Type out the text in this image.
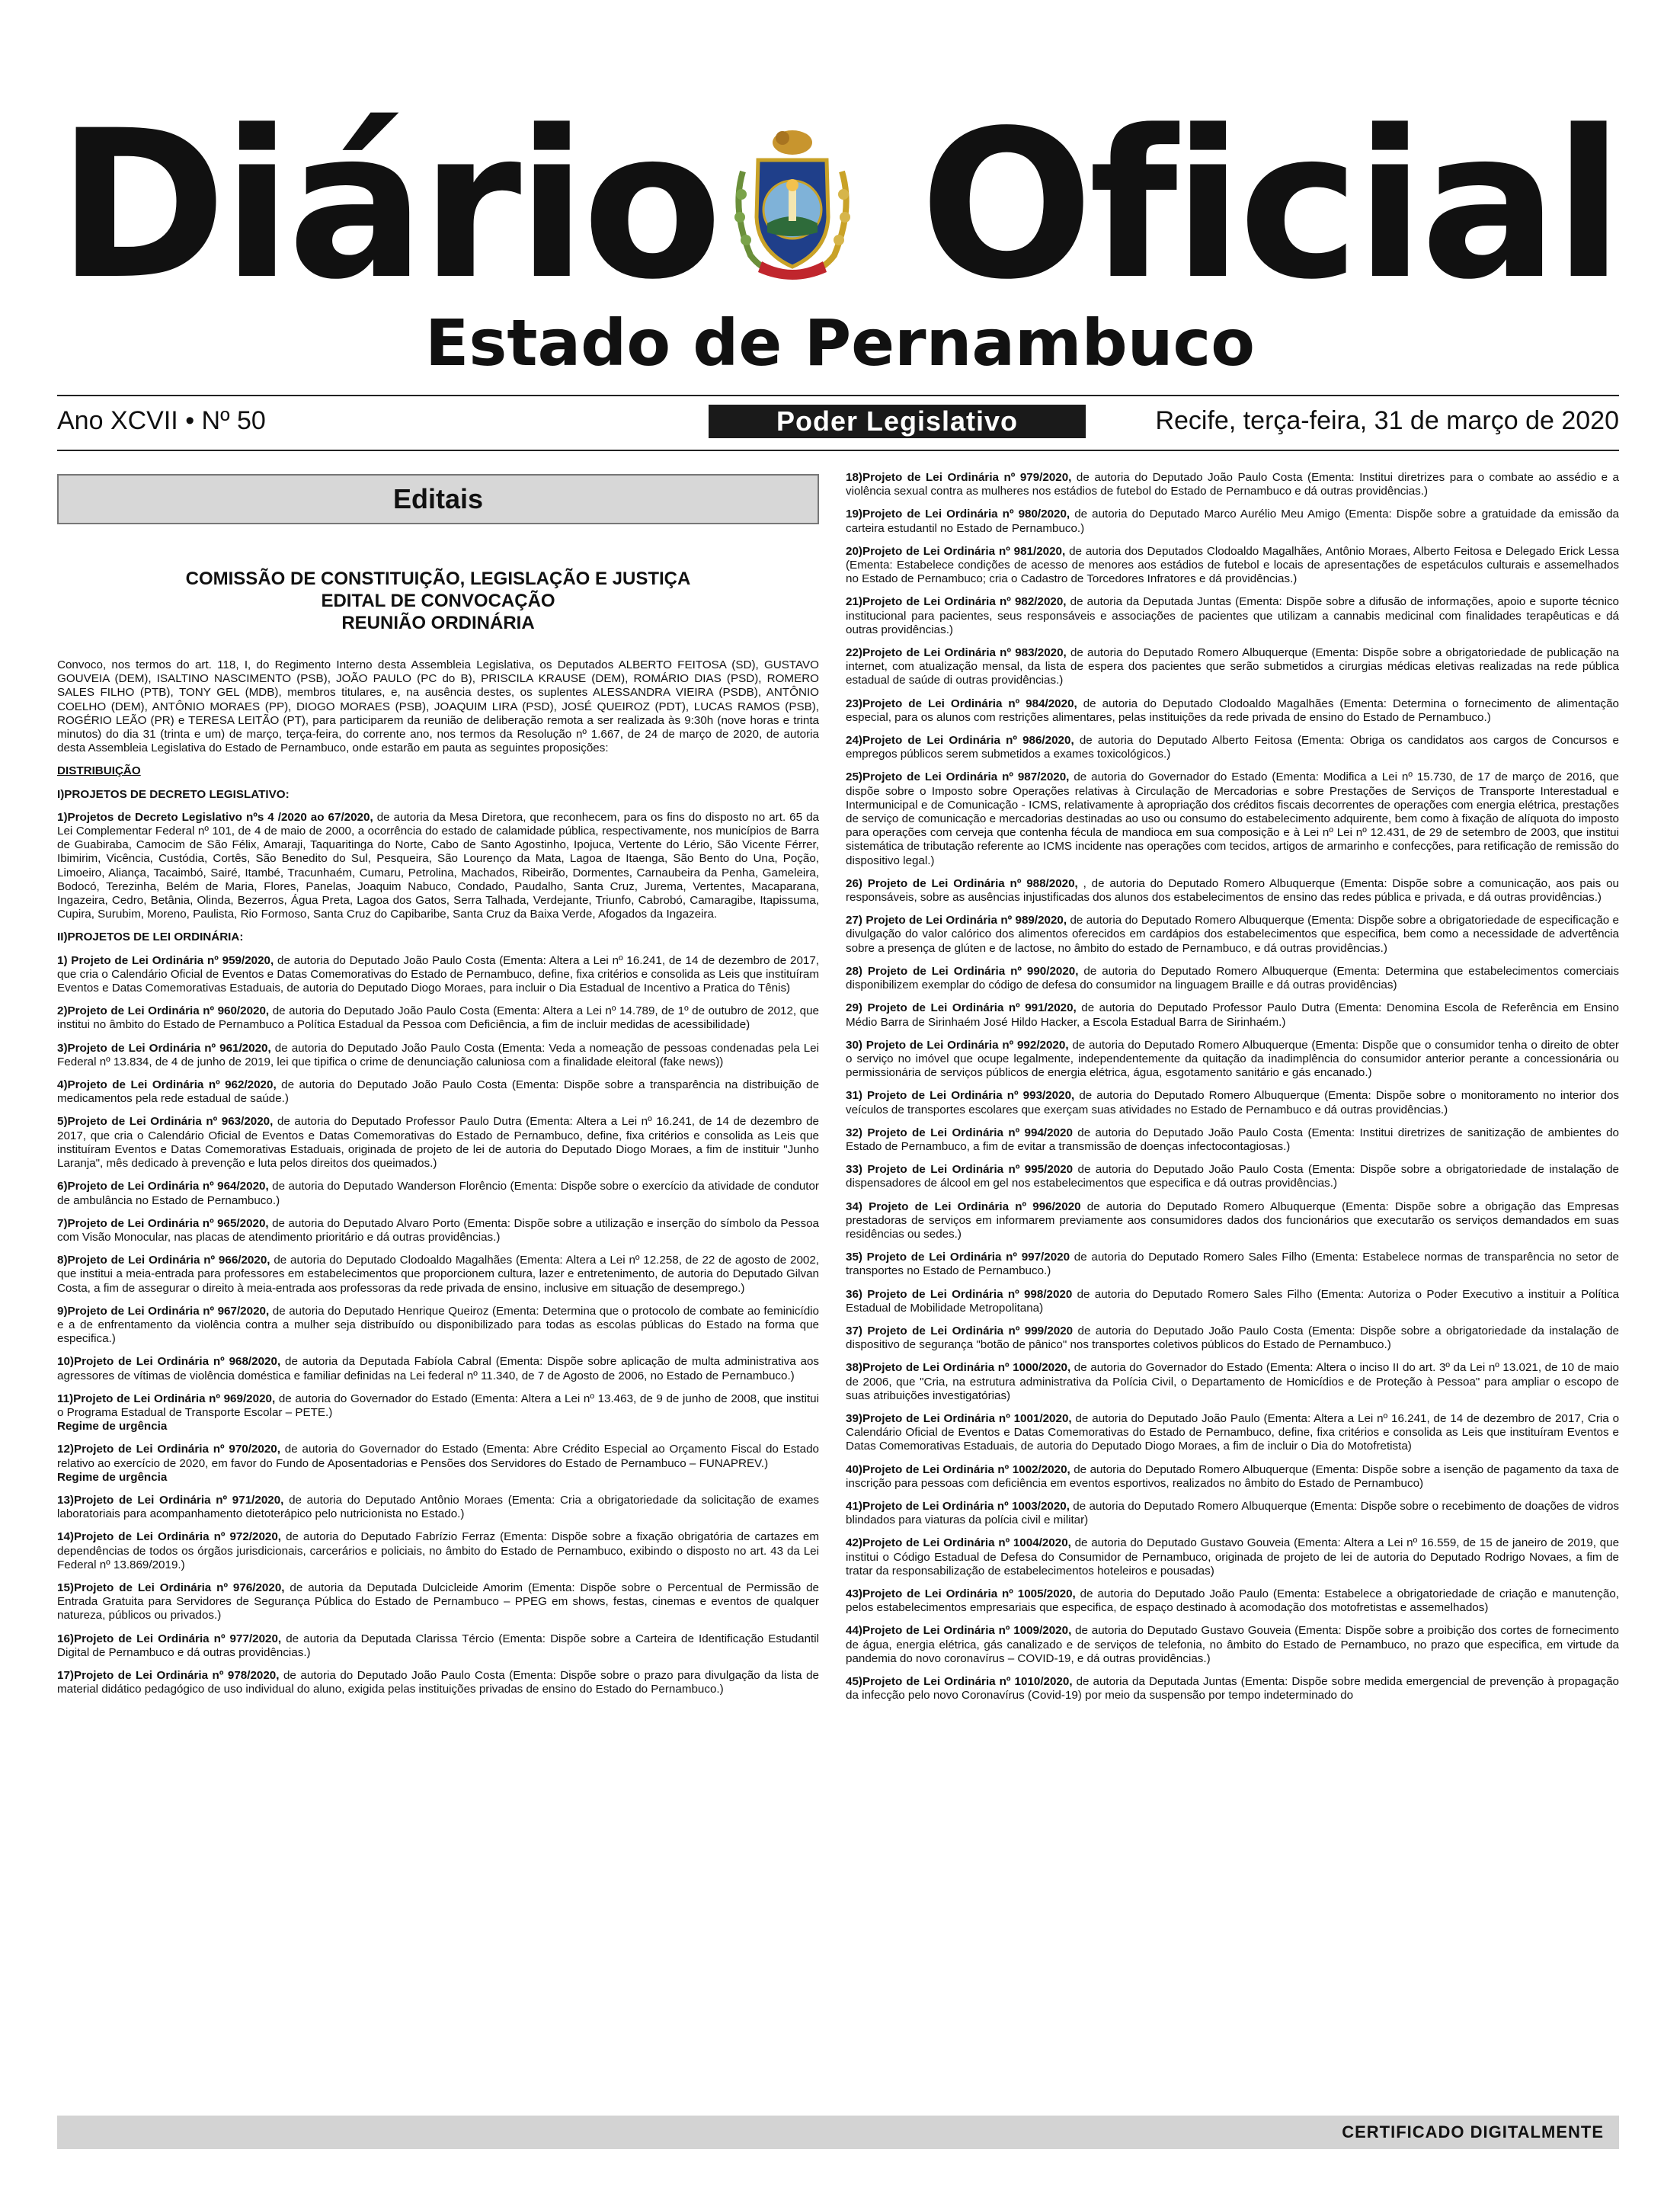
Diário Oficial
Estado de Pernambuco
Ano XCVII • Nº 50	Poder Legislativo	Recife, terça-feira, 31 de março de 2020
Editais
COMISSÃO DE CONSTITUIÇÃO, LEGISLAÇÃO E JUSTIÇA
EDITAL DE CONVOCAÇÃO
REUNIÃO ORDINÁRIA

Convoco, nos termos do art. 118, I, do Regimento Interno desta Assembleia Legislativa, os Deputados ALBERTO FEITOSA (SD), GUSTAVO GOUVEIA (DEM), ISALTINO NASCIMENTO (PSB), JOÃO PAULO (PC do B), PRISCILA KRAUSE (DEM), ROMÁRIO DIAS (PSD), ROMERO SALES FILHO (PTB), TONY GEL (MDB), membros titulares, e, na ausência destes, os suplentes ALESSANDRA VIEIRA (PSDB), ANTÔNIO COELHO (DEM), ANTÔNIO MORAES (PP), DIOGO MORAES (PSB), JOAQUIM LIRA (PSD), JOSÉ QUEIROZ (PDT), LUCAS RAMOS (PSB), ROGÉRIO LEÃO (PR) e TERESA LEITÃO (PT), para participarem da reunião de deliberação remota a ser realizada às 9:30h (nove horas e trinta minutos) do dia 31 (trinta e um) de março, terça-feira, do corrente ano, nos termos da Resolução nº 1.667, de 24 de março de 2020, de autoria desta Assembleia Legislativa do Estado de Pernambuco, onde estarão em pauta as seguintes proposições:

DISTRIBUIÇÃO

I)PROJETOS DE DECRETO LEGISLATIVO:

1)Projetos de Decreto Legislativo nºs 4 /2020 ao 67/2020, de autoria da Mesa Diretora, que reconhecem, para os fins do disposto no art. 65 da Lei Complementar Federal nº 101, de 4 de maio de 2000, a ocorrência do estado de calamidade pública, respectivamente, nos municípios de Barra de Guabiraba, Camocim de São Félix, Amaraji, Taquaritinga do Norte, Cabo de Santo Agostinho, Ipojuca, Vertente do Lério, São Vicente Férrer, Ibimirim, Vicência, Custódia, Cortês, São Benedito do Sul, Pesqueira, São Lourenço da Mata, Lagoa de Itaenga, São Bento do Una, Poção, Limoeiro, Aliança, Tacaimbó, Sairé, Itambé, Tracunhaém, Cumaru, Petrolina, Machados, Ribeirão, Dormentes, Carnaubeira da Penha, Gameleira, Bodocó, Terezinha, Belém de Maria, Flores, Panelas, Joaquim Nabuco, Condado, Paudalho, Santa Cruz, Jurema, Vertentes, Macaparana, Ingazeira, Cedro, Betânia, Olinda, Bezerros, Água Preta, Lagoa dos Gatos, Serra Talhada, Verdejante, Triunfo, Cabrobó, Camaragibe, Itapissuma, Cupira, Surubim, Moreno, Paulista, Rio Formoso, Santa Cruz do Capibaribe, Santa Cruz da Baixa Verde, Afogados da Ingazeira.

II)PROJETOS DE LEI ORDINÁRIA:

1) Projeto de Lei Ordinária nº 959/2020, de autoria do Deputado João Paulo Costa (Ementa: Altera a Lei nº 16.241, de 14 de dezembro de 2017, que cria o Calendário Oficial de Eventos e Datas Comemorativas do Estado de Pernambuco, define, fixa critérios e consolida as Leis que instituíram Eventos e Datas Comemorativas Estaduais, de autoria do Deputado Diogo Moraes, para incluir o Dia Estadual de Incentivo a Pratica do Tênis)

2)Projeto de Lei Ordinária nº 960/2020, de autoria do Deputado João Paulo Costa (Ementa: Altera a Lei nº 14.789, de 1º de outubro de 2012, que institui no âmbito do Estado de Pernambuco a Política Estadual da Pessoa com Deficiência, a fim de incluir medidas de acessibilidade)

3)Projeto de Lei Ordinária nº 961/2020, de autoria do Deputado João Paulo Costa (Ementa: Veda a nomeação de pessoas condenadas pela Lei Federal nº 13.834, de 4 de junho de 2019, lei que tipifica o crime de denunciação caluniosa com a finalidade eleitoral (fake news))

4)Projeto de Lei Ordinária nº 962/2020, de autoria do Deputado João Paulo Costa (Ementa: Dispõe sobre a transparência na distribuição de medicamentos pela rede estadual de saúde.)

5)Projeto de Lei Ordinária nº 963/2020, de autoria do Deputado Professor Paulo Dutra (Ementa: Altera a Lei nº 16.241, de 14 de dezembro de 2017, que cria o Calendário Oficial de Eventos e Datas Comemorativas do Estado de Pernambuco, define, fixa critérios e consolida as Leis que instituíram Eventos e Datas Comemorativas Estaduais, originada de projeto de lei de autoria do Deputado Diogo Moraes, a fim de instituir "Junho Laranja", mês dedicado à prevenção e luta pelos direitos dos queimados.)

6)Projeto de Lei Ordinária nº 964/2020, de autoria do Deputado Wanderson Florêncio (Ementa: Dispõe sobre o exercício da atividade de condutor de ambulância no Estado de Pernambuco.)

7)Projeto de Lei Ordinária nº 965/2020, de autoria do Deputado Alvaro Porto (Ementa: Dispõe sobre a utilização e inserção do símbolo da Pessoa com Visão Monocular, nas placas de atendimento prioritário e dá outras providências.)

8)Projeto de Lei Ordinária nº 966/2020, de autoria do Deputado Clodoaldo Magalhães (Ementa: Altera a Lei nº 12.258, de 22 de agosto de 2002, que institui a meia-entrada para professores em estabelecimentos que proporcionem cultura, lazer e entretenimento, de autoria do Deputado Gilvan Costa, a fim de assegurar o direito à meia-entrada aos professoras da rede privada de ensino, inclusive em situação de desemprego.)

9)Projeto de Lei Ordinária nº 967/2020, de autoria do Deputado Henrique Queiroz (Ementa: Determina que o protocolo de combate ao feminicídio e a de enfrentamento da violência contra a mulher seja distribuído ou disponibilizado para todas as escolas públicas do Estado na forma que especifica.)

10)Projeto de Lei Ordinária nº 968/2020, de autoria da Deputada Fabíola Cabral (Ementa: Dispõe sobre aplicação de multa administrativa aos agressores de vítimas de violência doméstica e familiar definidas na Lei federal nº 11.340, de 7 de Agosto de 2006, no Estado de Pernambuco.)

11)Projeto de Lei Ordinária nº 969/2020, de autoria do Governador do Estado (Ementa: Altera a Lei nº 13.463, de 9 de junho de 2008, que institui o Programa Estadual de Transporte Escolar – PETE.)
Regime de urgência

12)Projeto de Lei Ordinária nº 970/2020, de autoria do Governador do Estado (Ementa: Abre Crédito Especial ao Orçamento Fiscal do Estado relativo ao exercício de 2020, em favor do Fundo de Aposentadorias e Pensões dos Servidores do Estado de Pernambuco – FUNAPREV.)
Regime de urgência

13)Projeto de Lei Ordinária nº 971/2020, de autoria do Deputado Antônio Moraes (Ementa: Cria a obrigatoriedade da solicitação de exames laboratoriais para acompanhamento dietoterápico pelo nutricionista no Estado.)

14)Projeto de Lei Ordinária nº 972/2020, de autoria do Deputado Fabrízio Ferraz (Ementa: Dispõe sobre a fixação obrigatória de cartazes em dependências de todos os órgãos jurisdicionais, carcerários e policiais, no âmbito do Estado de Pernambuco, exibindo o disposto no art. 43 da Lei Federal nº 13.869/2019.)

15)Projeto de Lei Ordinária nº 976/2020, de autoria da Deputada Dulcicleide Amorim (Ementa: Dispõe sobre o Percentual de Permissão de Entrada Gratuita para Servidores de Segurança Pública do Estado de Pernambuco – PPEG em shows, festas, cinemas e eventos de qualquer natureza, públicos ou privados.)

16)Projeto de Lei Ordinária nº 977/2020, de autoria da Deputada Clarissa Tércio (Ementa: Dispõe sobre a Carteira de Identificação Estudantil Digital de Pernambuco e dá outras providências.)

17)Projeto de Lei Ordinária nº 978/2020, de autoria do Deputado João Paulo Costa (Ementa: Dispõe sobre o prazo para divulgação da lista de material didático pedagógico de uso individual do aluno, exigida pelas instituições privadas de ensino do Estado do Pernambuco.)

18)Projeto de Lei Ordinária nº 979/2020, de autoria do Deputado João Paulo Costa (Ementa: Institui diretrizes para o combate ao assédio e a violência sexual contra as mulheres nos estádios de futebol do Estado de Pernambuco e dá outras providências.)

19)Projeto de Lei Ordinária nº 980/2020, de autoria do Deputado Marco Aurélio Meu Amigo (Ementa: Dispõe sobre a gratuidade da emissão da carteira estudantil no Estado de Pernambuco.)

20)Projeto de Lei Ordinária nº 981/2020, de autoria dos Deputados Clodoaldo Magalhães, Antônio Moraes, Alberto Feitosa e Delegado Erick Lessa (Ementa: Estabelece condições de acesso de menores aos estádios de futebol e locais de apresentações de espetáculos culturais e assemelhados no Estado de Pernambuco; cria o Cadastro de Torcedores Infratores e dá providências.)

21)Projeto de Lei Ordinária nº 982/2020, de autoria da Deputada Juntas (Ementa: Dispõe sobre a difusão de informações, apoio e suporte técnico institucional para pacientes, seus responsáveis e associações de pacientes que utilizam a cannabis medicinal com finalidades terapêuticas e dá outras providências.)

22)Projeto de Lei Ordinária nº 983/2020, de autoria do Deputado Romero Albuquerque (Ementa: Dispõe sobre a obrigatoriedade de publicação na internet, com atualização mensal, da lista de espera dos pacientes que serão submetidos a cirurgias médicas eletivas realizadas na rede pública estadual de saúde di outras providências.)

23)Projeto de Lei Ordinária nº 984/2020, de autoria do Deputado Clodoaldo Magalhães (Ementa: Determina o fornecimento de alimentação especial, para os alunos com restrições alimentares, pelas instituições da rede privada de ensino do Estado de Pernambuco.)

24)Projeto de Lei Ordinária nº 986/2020, de autoria do Deputado Alberto Feitosa (Ementa: Obriga os candidatos aos cargos de Concursos e empregos públicos serem submetidos a exames toxicológicos.)

25)Projeto de Lei Ordinária nº 987/2020, de autoria do Governador do Estado (Ementa: Modifica a Lei nº 15.730, de 17 de março de 2016, que dispõe sobre o Imposto sobre Operações relativas à Circulação de Mercadorias e sobre Prestações de Serviços de Transporte Interestadual e Intermunicipal e de Comunicação - ICMS, relativamente à apropriação dos créditos fiscais decorrentes de operações com energia elétrica, prestações de serviço de comunicação e mercadorias destinadas ao uso ou consumo do estabelecimento adquirente, bem como à fixação de alíquota do imposto para operações com cerveja que contenha fécula de mandioca em sua composição e à Lei nº Lei nº 12.431, de 29 de setembro de 2003, que institui sistemática de tributação referente ao ICMS incidente nas operações com tecidos, artigos de armarinho e confecções, para retificação de remissão do dispositivo legal.)

26) Projeto de Lei Ordinária nº 988/2020, , de autoria do Deputado Romero Albuquerque (Ementa: Dispõe sobre a comunicação, aos pais ou responsáveis, sobre as ausências injustificadas dos alunos dos estabelecimentos de ensino das redes pública e privada, e dá outras providências.)

27) Projeto de Lei Ordinária nº 989/2020, de autoria do Deputado Romero Albuquerque (Ementa: Dispõe sobre a obrigatoriedade de especificação e divulgação do valor calórico dos alimentos oferecidos em cardápios dos estabelecimentos que especifica, bem como a necessidade de advertência sobre a presença de glúten e de lactose, no âmbito do estado de Pernambuco, e dá outras providências.)

28) Projeto de Lei Ordinária nº 990/2020, de autoria do Deputado Romero Albuquerque (Ementa: Determina que estabelecimentos comerciais disponibilizem exemplar do código de defesa do consumidor na linguagem Braille e dá outras providências)

29) Projeto de Lei Ordinária nº 991/2020, de autoria do Deputado Professor Paulo Dutra (Ementa: Denomina Escola de Referência em Ensino Médio Barra de Sirinhaém José Hildo Hacker, a Escola Estadual Barra de Sirinhaém.)

30) Projeto de Lei Ordinária nº 992/2020, de autoria do Deputado Romero Albuquerque (Ementa: Dispõe que o consumidor tenha o direito de obter o serviço no imóvel que ocupe legalmente, independentemente da quitação da inadimplência do consumidor anterior perante a concessionária ou permissionária de serviços públicos de energia elétrica, água, esgotamento sanitário e gás encanado.)

31) Projeto de Lei Ordinária nº 993/2020, de autoria do Deputado Romero Albuquerque (Ementa: Dispõe sobre o monitoramento no interior dos veículos de transportes escolares que exerçam suas atividades no Estado de Pernambuco e dá outras providências.)

32) Projeto de Lei Ordinária nº 994/2020 de autoria do Deputado João Paulo Costa (Ementa: Institui diretrizes de sanitização de ambientes do Estado de Pernambuco, a fim de evitar a transmissão de doenças infectocontagiosas.)

33) Projeto de Lei Ordinária nº 995/2020 de autoria do Deputado João Paulo Costa (Ementa: Dispõe sobre a obrigatoriedade de instalação de dispensadores de álcool em gel nos estabelecimentos que especifica e dá outras providências.)

34) Projeto de Lei Ordinária nº 996/2020 de autoria do Deputado Romero Albuquerque (Ementa: Dispõe sobre a obrigação das Empresas prestadoras de serviços em informarem previamente aos consumidores dados dos funcionários que executarão os serviços demandados em suas residências ou sedes.)

35) Projeto de Lei Ordinária nº 997/2020 de autoria do Deputado Romero Sales Filho (Ementa: Estabelece normas de transparência no setor de transportes no Estado de Pernambuco.)

36) Projeto de Lei Ordinária nº 998/2020 de autoria do Deputado Romero Sales Filho (Ementa: Autoriza o Poder Executivo a instituir a Política Estadual de Mobilidade Metropolitana)

37) Projeto de Lei Ordinária nº 999/2020 de autoria do Deputado João Paulo Costa (Ementa: Dispõe sobre a obrigatoriedade da instalação de dispositivo de segurança "botão de pânico" nos transportes coletivos públicos do Estado de Pernambuco.)

38)Projeto de Lei Ordinária nº 1000/2020, de autoria do Governador do Estado (Ementa: Altera o inciso II do art. 3º da Lei nº 13.021, de 10 de maio de 2006, que "Cria, na estrutura administrativa da Polícia Civil, o Departamento de Homicídios e de Proteção à Pessoa" para ampliar o escopo de suas atribuições investigatórias)

39)Projeto de Lei Ordinária nº 1001/2020, de autoria do Deputado João Paulo (Ementa: Altera a Lei nº 16.241, de 14 de dezembro de 2017, Cria o Calendário Oficial de Eventos e Datas Comemorativas do Estado de Pernambuco, define, fixa critérios e consolida as Leis que instituíram Eventos e Datas Comemorativas Estaduais, de autoria do Deputado Diogo Moraes, a fim de incluir o Dia do Motofretista)

40)Projeto de Lei Ordinária nº 1002/2020, de autoria do Deputado Romero Albuquerque (Ementa: Dispõe sobre a isenção de pagamento da taxa de inscrição para pessoas com deficiência em eventos esportivos, realizados no âmbito do Estado de Pernambuco)

41)Projeto de Lei Ordinária nº 1003/2020, de autoria do Deputado Romero Albuquerque (Ementa: Dispõe sobre o recebimento de doações de vidros blindados para viaturas da polícia civil e militar)

42)Projeto de Lei Ordinária nº 1004/2020, de autoria do Deputado Gustavo Gouveia (Ementa: Altera a Lei nº 16.559, de 15 de janeiro de 2019, que institui o Código Estadual de Defesa do Consumidor de Pernambuco, originada de projeto de lei de autoria do Deputado Rodrigo Novaes, a fim de tratar da responsabilização de estabelecimentos hoteleiros e pousadas)

43)Projeto de Lei Ordinária nº 1005/2020, de autoria do Deputado João Paulo (Ementa: Estabelece a obrigatoriedade de criação e manutenção, pelos estabelecimentos empresariais que especifica, de espaço destinado à acomodação dos motofretistas e assemelhados)

44)Projeto de Lei Ordinária nº 1009/2020, de autoria do Deputado Gustavo Gouveia (Ementa: Dispõe sobre a proibição dos cortes de fornecimento de água, energia elétrica, gás canalizado e de serviços de telefonia, no âmbito do Estado de Pernambuco, no prazo que especifica, em virtude da pandemia do novo coronavírus – COVID-19, e dá outras providências.)

45)Projeto de Lei Ordinária nº 1010/2020, de autoria da Deputada Juntas (Ementa: Dispõe sobre medida emergencial de prevenção à propagação da infecção pelo novo Coronavírus (Covid-19) por meio da suspensão por tempo indeterminado do

CERTIFICADO DIGITALMENTE
